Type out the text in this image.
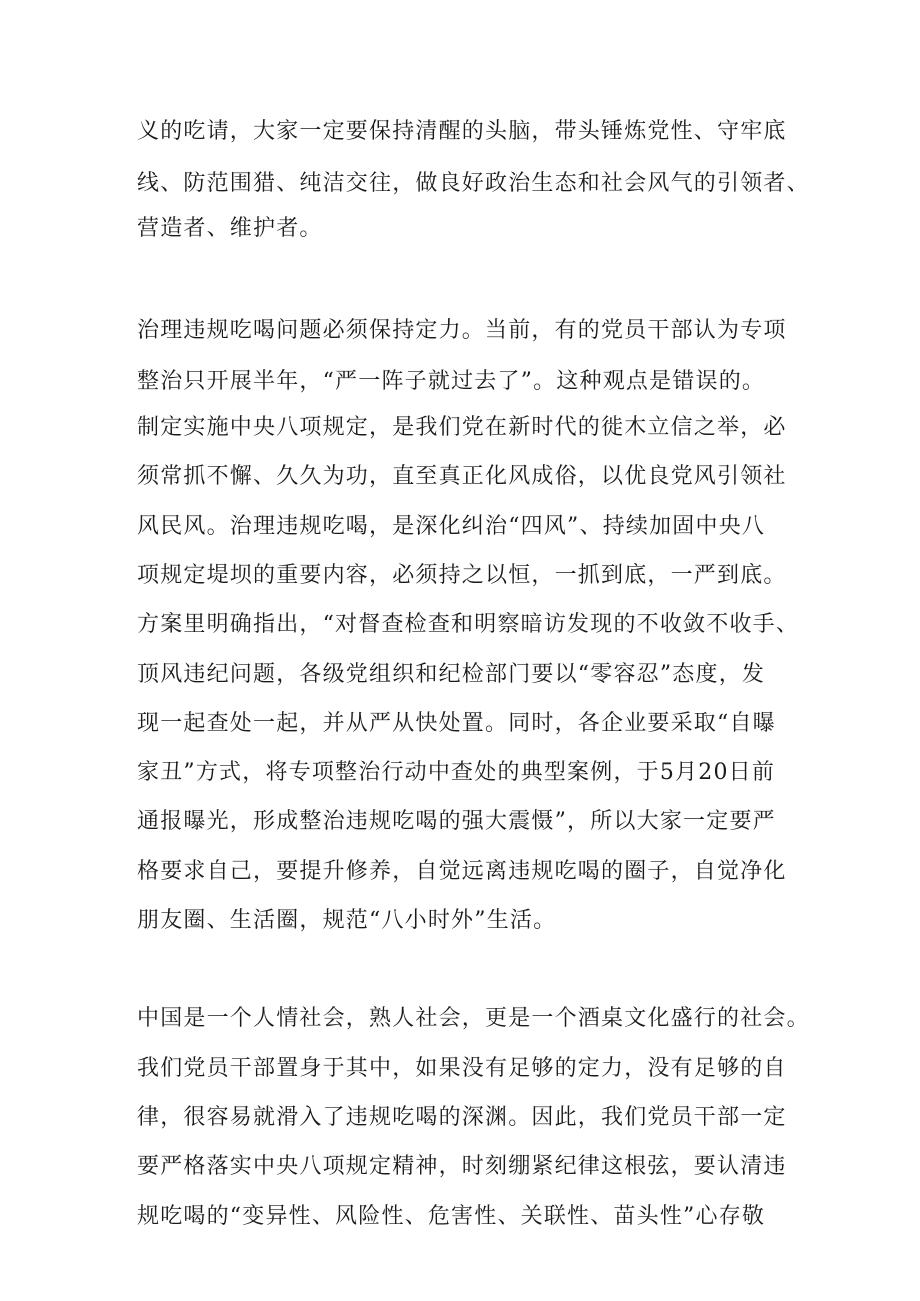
义的吃请，大家一定要保持清醒的头脑，带头锤炼党性、守牢底
线、防范围猎、纯洁交往，做良好政治生态和社会风气的引领者、
营造者、维护者。
治理违规吃喝问题必须保持定力。当前，有的党员干部认为专项
整治只开展半年，“严一阵子就过去了”。这种观点是错误的。
制定实施中央八项规定，是我们党在新时代的徙木立信之举，必
须常抓不懈、久久为功，直至真正化风成俗，以优良党风引领社
风民风。治理违规吃喝，是深化纠治“四风”、持续加固中央八
项规定堤坝的重要内容，必须持之以恒，一抓到底，一严到底。
方案里明确指出，“对督查检查和明察暗访发现的不收敛不收手、
顶风违纪问题，各级党组织和纪检部门要以“零容忍”态度，发
现一起查处一起，并从严从快处置。同时，各企业要采取“自曝
家丑”方式，将专项整治行动中查处的典型案例，于5月20日前
通报曝光，形成整治违规吃喝的强大震慑”，所以大家一定要严
格要求自己，要提升修养，自觉远离违规吃喝的圈子，自觉净化
朋友圈、生活圈，规范“八小时外”生活。
中国是一个人情社会，熟人社会，更是一个酒桌文化盛行的社会。
我们党员干部置身于其中，如果没有足够的定力，没有足够的自
律，很容易就滑入了违规吃喝的深渊。因此，我们党员干部一定
要严格落实中央八项规定精神，时刻绷紧纪律这根弦，要认清违
规吃喝的“变异性、风险性、危害性、关联性、苗头性”心存敬
